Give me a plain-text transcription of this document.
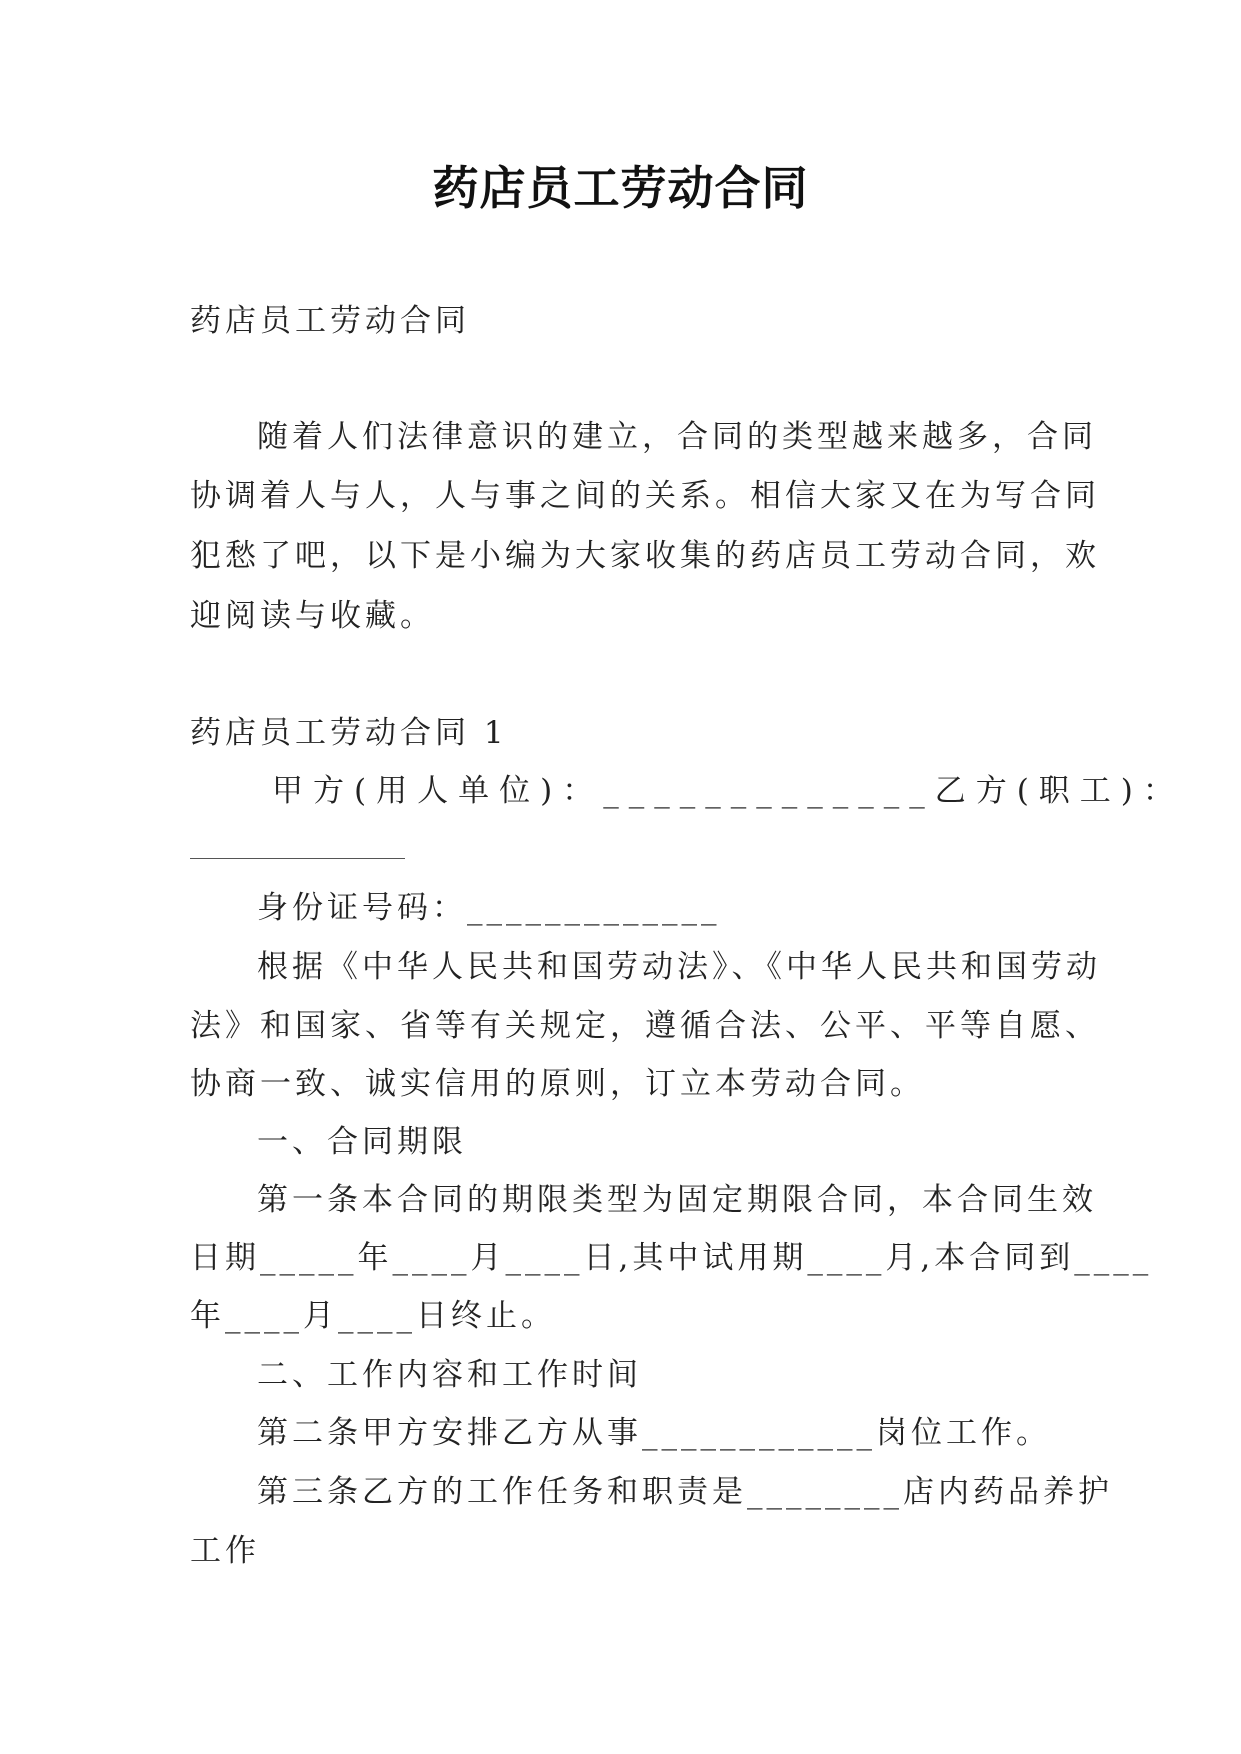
药店员工劳动合同
药店员工劳动合同
随着人们法律意识的建立，合同的类型越来越多，合同
协调着人与人，人与事之间的关系。相信大家又在为写合同
犯愁了吧，以下是小编为大家收集的药店员工劳动合同，欢
迎阅读与收藏。
药店员工劳动合同 1
甲方(用人单位)：_____________乙方(职工)：
身份证号码：_____________
根据《中华人民共和国劳动法》、《中华人民共和国劳动
法》和国家、省等有关规定，遵循合法、公平、平等自愿、
协商一致、诚实信用的原则，订立本劳动合同。
一、合同期限
第一条本合同的期限类型为固定期限合同，本合同生效
日期_____年____月____日,其中试用期____月,本合同到____
年____月____日终止。
二、工作内容和工作时间
第二条甲方安排乙方从事____________岗位工作。
第三条乙方的工作任务和职责是________店内药品养护
工作
